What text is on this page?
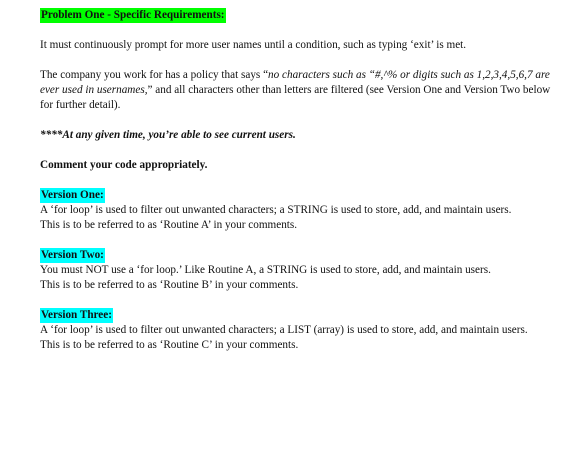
Problem One - Specific Requirements:

It must continuously prompt for more user names until a condition, such as typing ‘exit’ is met.

The company you work for has a policy that says “no characters such as “#,^% or digits such as 1,2,3,4,5,6,7 are ever used in usernames,” and all characters other than letters are filtered (see Version One and Version Two below for further detail).

****At any given time, you’re able to see current users.

Comment your code appropriately.

Version One:

A ‘for loop’ is used to filter out unwanted characters; a STRING is used to store, add, and maintain users.

This is to be referred to as ‘Routine A’ in your comments.

Version Two:

You must NOT use a ‘for loop.’ Like Routine A, a STRING is used to store, add, and maintain users.

This is to be referred to as ‘Routine B’ in your comments.

Version Three:

A ‘for loop’ is used to filter out unwanted characters; a LIST (array) is used to store, add, and maintain users.

This is to be referred to as ‘Routine C’ in your comments.
